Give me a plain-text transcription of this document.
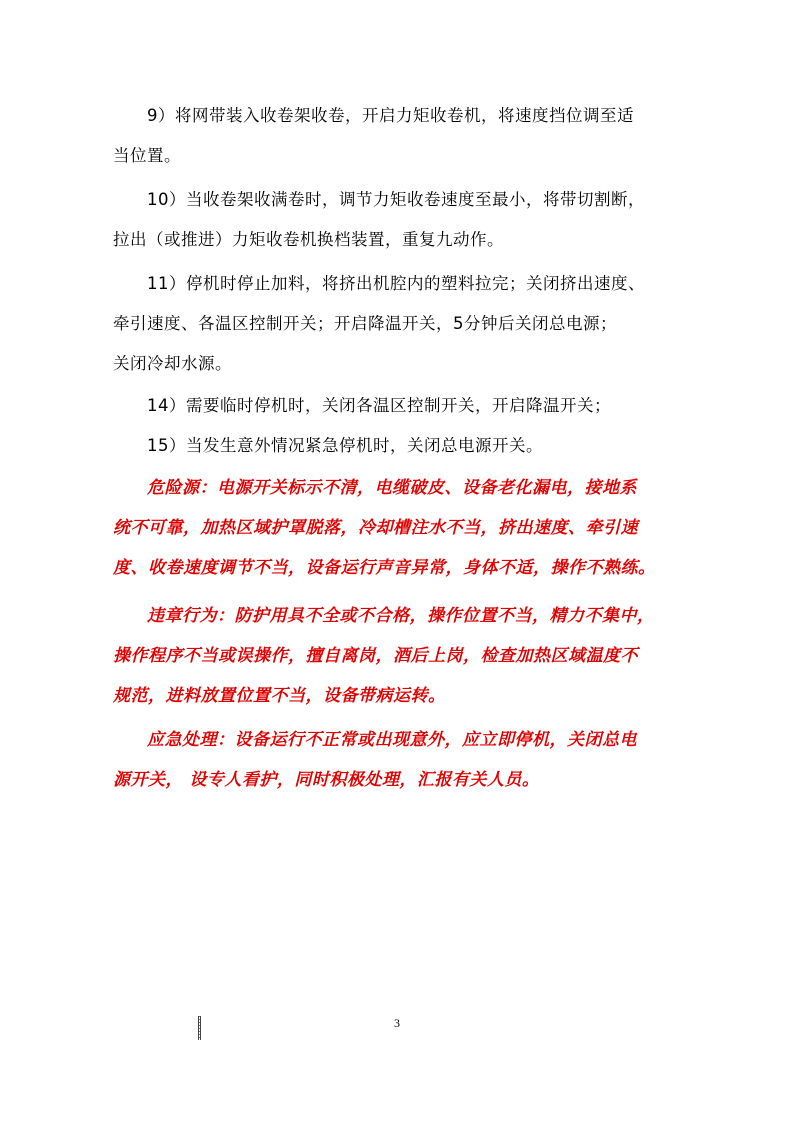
9）将网带装入收卷架收卷，开启力矩收卷机，将速度挡位调至适
当位置。

10）当收卷架收满卷时，调节力矩收卷速度至最小，将带切割断，
拉出（或推进）力矩收卷机换档装置，重复九动作。

11）停机时停止加料，将挤出机腔内的塑料拉完；关闭挤出速度、
牵引速度、各温区控制开关；开启降温开关，5分钟后关闭总电源；
关闭冷却水源。

14）需要临时停机时，关闭各温区控制开关，开启降温开关；

15）当发生意外情况紧急停机时，关闭总电源开关。

危险源：电源开关标示不清，电缆破皮、设备老化漏电，接地系
统不可靠，加热区域护罩脱落，冷却槽注水不当，挤出速度、牵引速
度、收卷速度调节不当，设备运行声音异常，身体不适，操作不熟练。

违章行为：防护用具不全或不合格，操作位置不当，精力不集中，
操作程序不当或误操作，擅自离岗，酒后上岗，检查加热区域温度不
规范，进料放置位置不当，设备带病运转。

应急处理：设备运行不正常或出现意外，应立即停机，关闭总电
源开关， 设专人看护，同时积极处理，汇报有关人员。

3
